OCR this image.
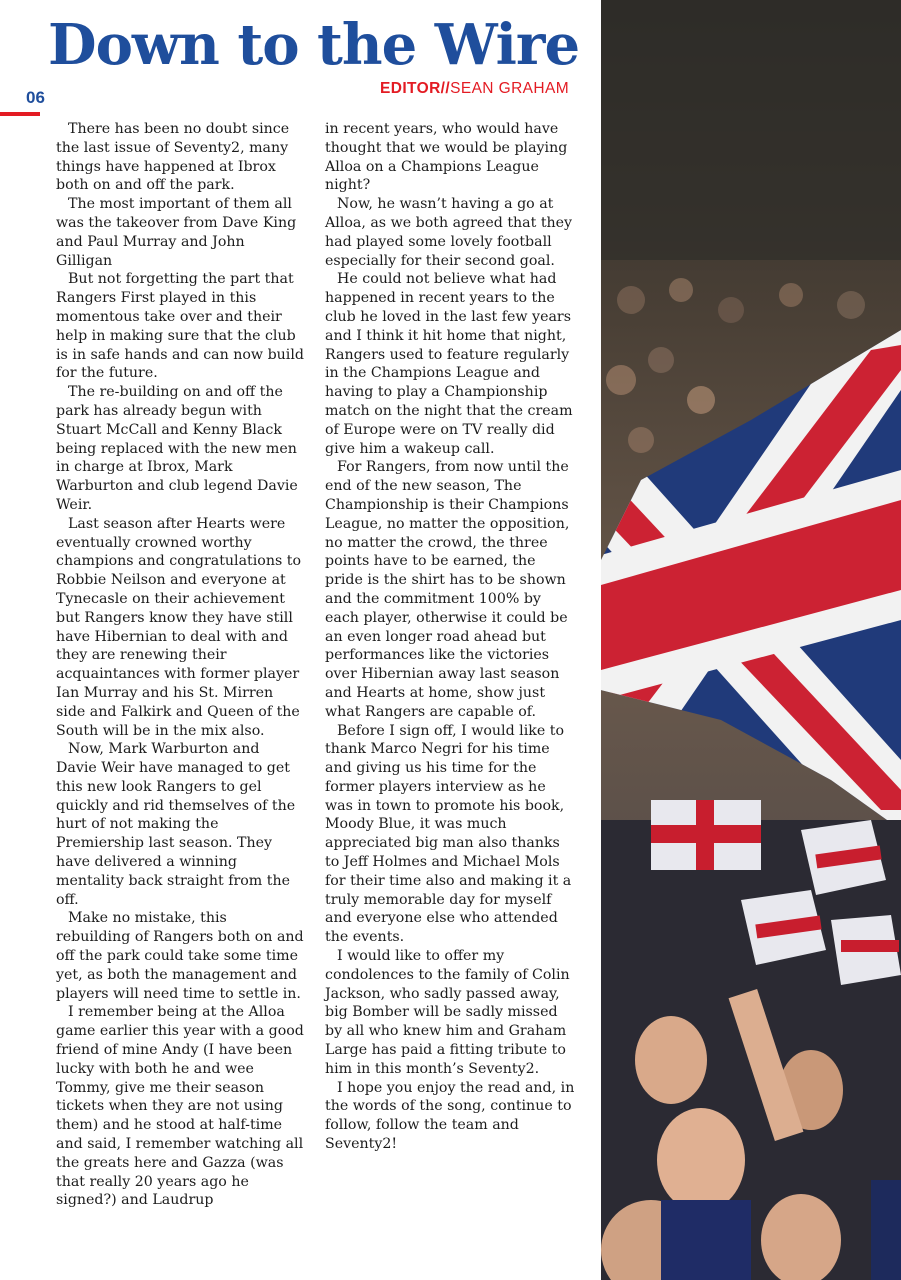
Down to the Wire
EDITOR//SEAN GRAHAM
06

There has been no doubt since the last issue of Seventy2, many things have happened at Ibrox both on and off the park.

The most important of them all was the takeover from Dave King and Paul Murray and John Gilligan

But not forgetting the part that Rangers First played in this momentous take over and their help in making sure that the club is in safe hands and can now build for the future.

The re-building on and off the park has already begun with Stuart McCall and Kenny Black being replaced with the new men in charge at Ibrox, Mark Warburton and club legend Davie Weir.

Last season after Hearts were eventually crowned worthy champions and congratulations to Robbie Neilson and everyone at Tynecasle on their achievement but Rangers know they have still have Hibernian to deal with and they are renewing their acquaintances with former player Ian Murray and his St. Mirren side and Falkirk and Queen of the South will be in the mix also.

Now, Mark Warburton and Davie Weir have managed to get this new look Rangers to gel quickly and rid themselves of the hurt of not making the Premiership last season. They have delivered a winning mentality back straight from the off.

Make no mistake, this rebuilding of Rangers both on and off the park could take some time yet, as both the management and players will need time to settle in.

I remember being at the Alloa game earlier this year with a good friend of mine Andy (I have been lucky with both he and wee Tommy, give me their season tickets when they are not using them) and he stood at half-time and said, I remember watching all the greats here and Gazza (was that really 20 years ago he signed?) and Laudrup

in recent years, who would have thought that we would be playing Alloa on a Champions League night?

Now, he wasn’t having a go at Alloa, as we both agreed that they had played some lovely football especially for their second goal.

He could not believe what had happened in recent years to the club he loved in the last few years and I think it hit home that night, Rangers used to feature regularly in the Champions League and having to play a Championship match on the night that the cream of Europe were on TV really did give him a wakeup call.

For Rangers, from now until the end of the new season, The Championship is their Champions League, no matter the opposition, no matter the crowd, the three points have to be earned, the pride is the shirt has to be shown and the commitment 100% by each player, otherwise it could be an even longer road ahead but performances like the victories over Hibernian away last season and Hearts at home, show just what Rangers are capable of.

Before I sign off, I would like to thank Marco Negri for his time and giving us his time for the former players interview as he was in town to promote his book, Moody Blue, it was much appreciated big man also thanks to Jeff Holmes and Michael Mols for their time also and making it a truly memorable day for myself and everyone else who attended the events.

I would like to offer my condolences to the family of Colin Jackson, who sadly passed away, big Bomber will be sadly missed by all who knew him and Graham Large has paid a fitting tribute to him in this month’s Seventy2.

I hope you enjoy the read and, in the words of the song, continue to follow, follow the team and Seventy2!
